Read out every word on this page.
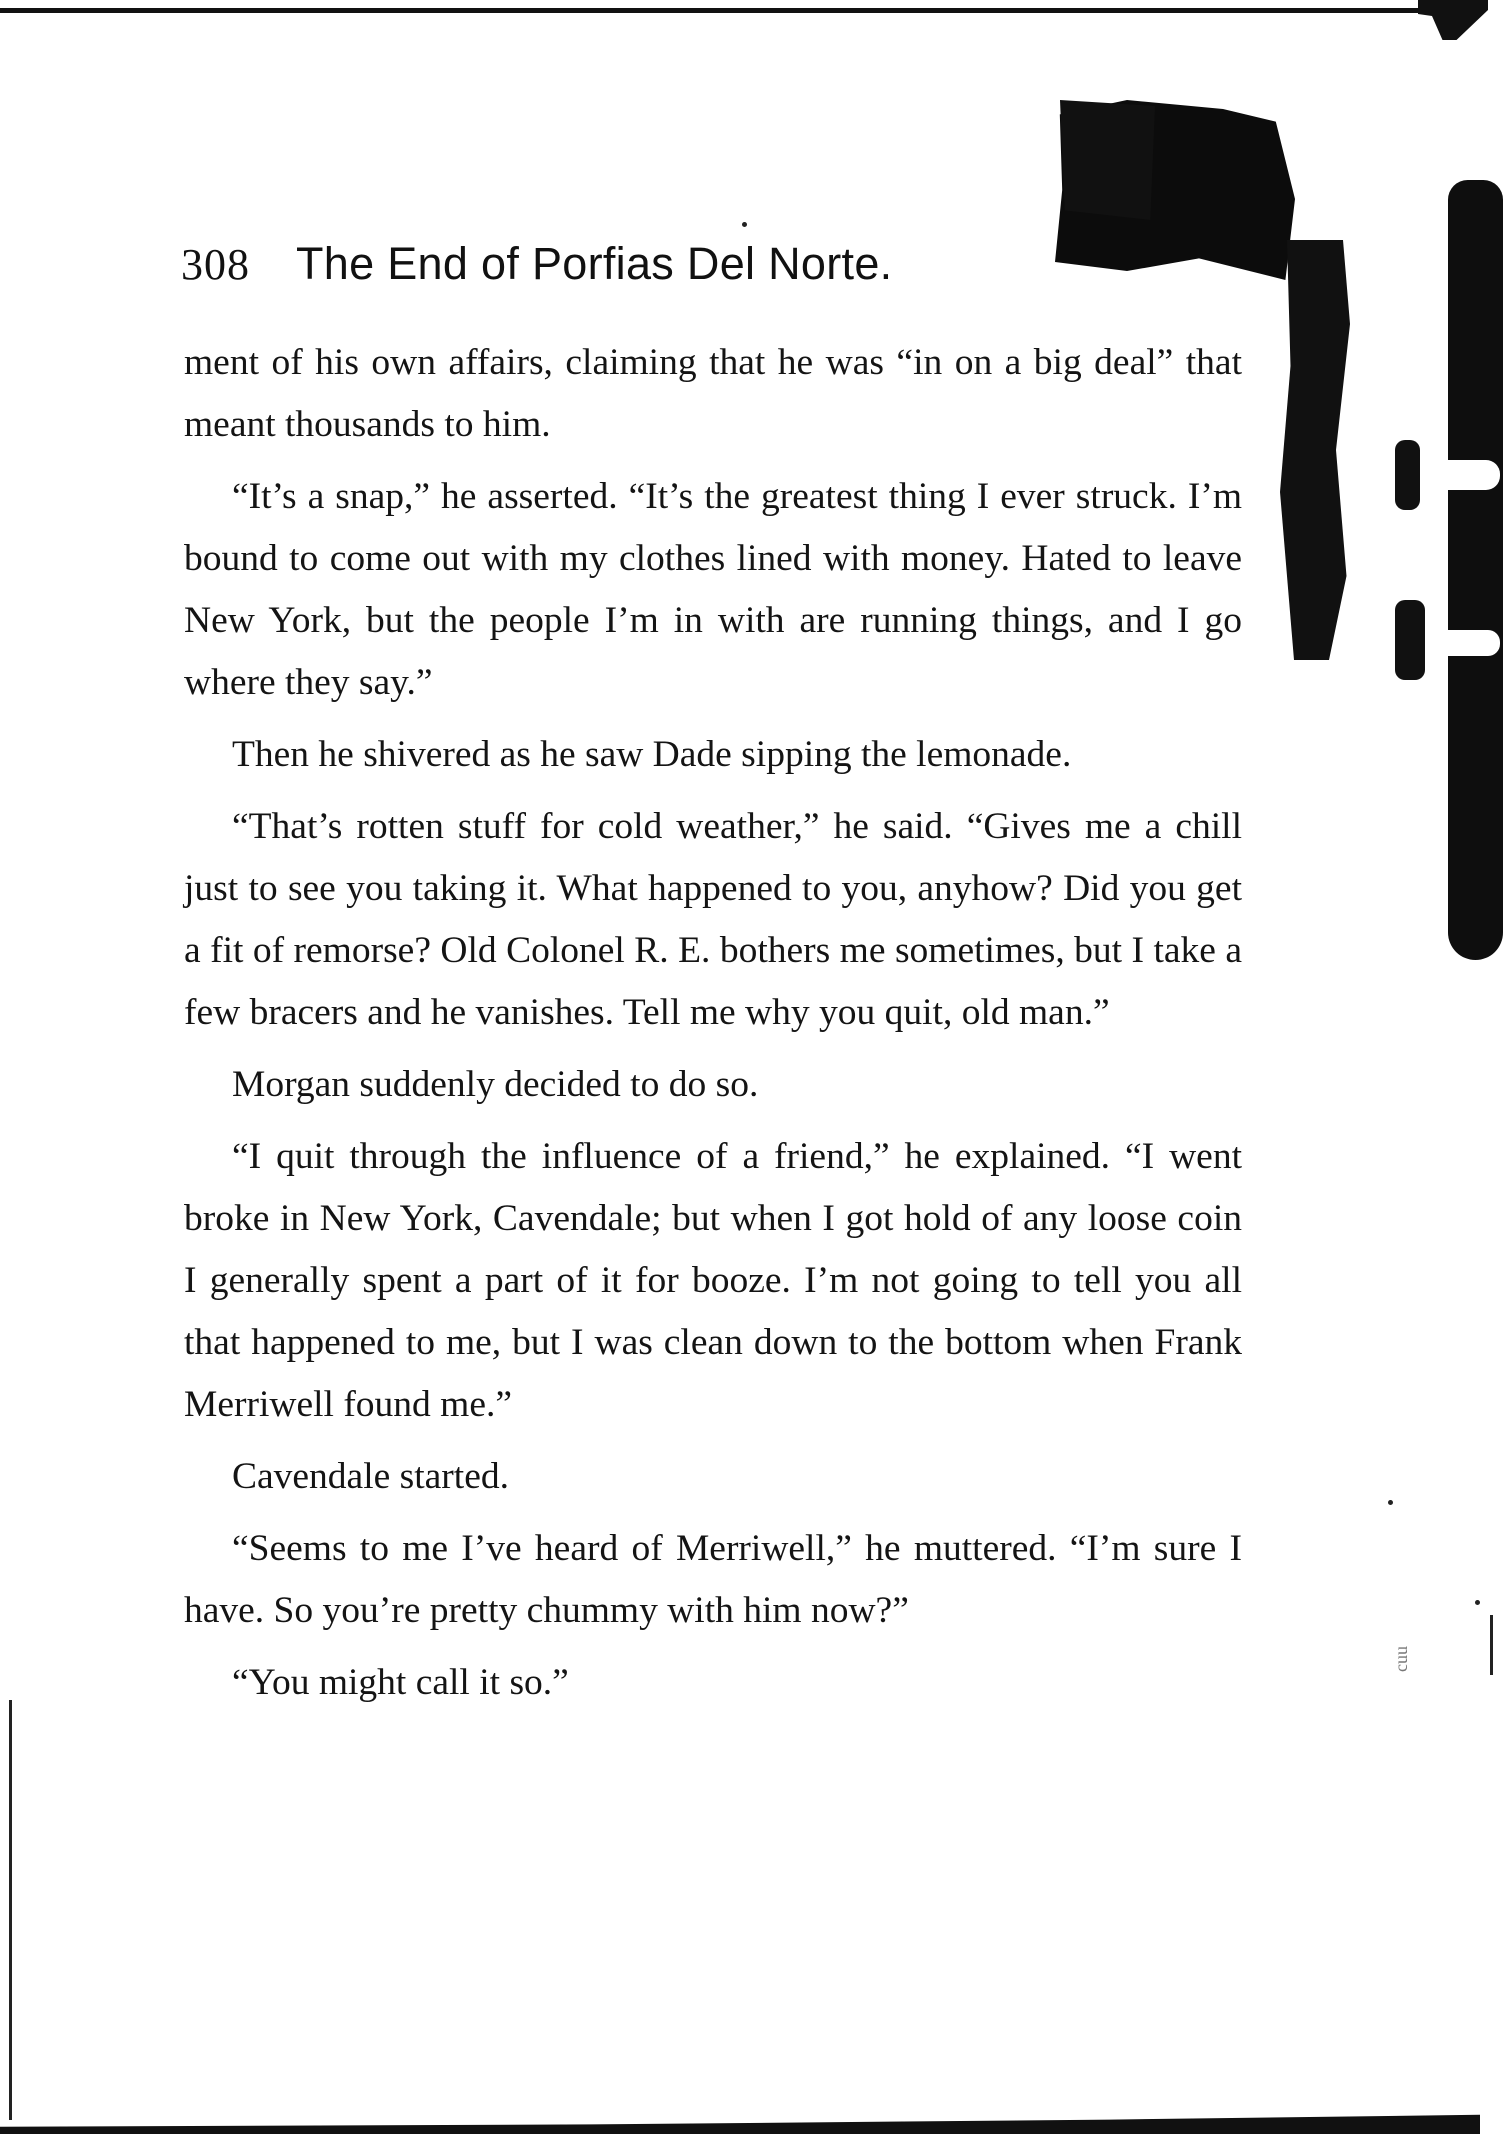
cuu
308 The End of Porfias Del Norte.

ment of his own affairs, claiming that he was “in on a big deal” that meant thousands to him.

“It’s a snap,” he asserted. “It’s the greatest thing I ever struck. I’m bound to come out with my clothes lined with money. Hated to leave New York, but the people I’m in with are running things, and I go where they say.”

Then he shivered as he saw Dade sipping the lemonade.

“That’s rotten stuff for cold weather,” he said. “Gives me a chill just to see you taking it. What happened to you, anyhow? Did you get a fit of remorse? Old Colonel R. E. bothers me sometimes, but I take a few bracers and he vanishes. Tell me why you quit, old man.”

Morgan suddenly decided to do so.

“I quit through the influence of a friend,” he explained. “I went broke in New York, Cavendale; but when I got hold of any loose coin I generally spent a part of it for booze. I’m not going to tell you all that happened to me, but I was clean down to the bottom when Frank Merriwell found me.”

Cavendale started.

“Seems to me I’ve heard of Merriwell,” he muttered. “I’m sure I have. So you’re pretty chummy with him now?”

“You might call it so.”
